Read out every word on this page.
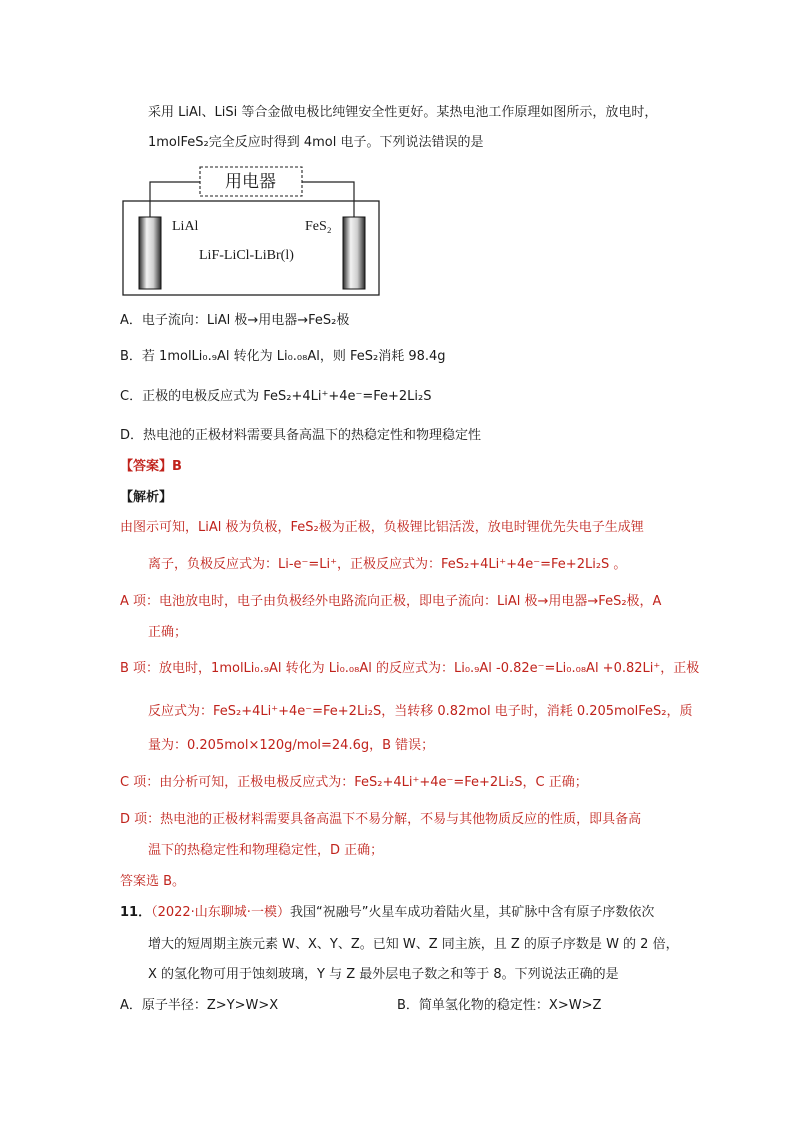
采用 LiAl、LiSi 等合金做电极比纯锂安全性更好。某热电池工作原理如图所示，放电时，
1molFeS₂完全反应时得到 4mol 电子。下列说法错误的是
用电器
LiAl	FeS₂
LiF-LiCl-LiBr(l)
A．电子流向：LiAl 极→用电器→FeS₂极
B．若 1molLi₀.₉Al 转化为 Li₀.₀₈Al，则 FeS₂消耗 98.4g
C．正极的电极反应式为 FeS₂+4Li⁺+4e⁻=Fe+2Li₂S
D．热电池的正极材料需要具备高温下的热稳定性和物理稳定性
【答案】B
【解析】
由图示可知，LiAl 极为负极，FeS₂极为正极，负极锂比铝活泼，放电时锂优先失电子生成锂
离子，负极反应式为：Li-e⁻=Li⁺，正极反应式为：FeS₂+4Li⁺+4e⁻=Fe+2Li₂S 。
A 项：电池放电时，电子由负极经外电路流向正极，即电子流向：LiAl 极→用电器→FeS₂极，A
正确；
B 项：放电时，1molLi₀.₉Al 转化为 Li₀.₀₈Al 的反应式为：Li₀.₉Al -0.82e⁻=Li₀.₀₈Al +0.82Li⁺，正极
反应式为：FeS₂+4Li⁺+4e⁻=Fe+2Li₂S，当转移 0.82mol 电子时，消耗 0.205molFeS₂，质
量为：0.205mol×120g/mol=24.6g，B 错误；
C 项：由分析可知，正极电极反应式为：FeS₂+4Li⁺+4e⁻=Fe+2Li₂S，C 正确；
D 项：热电池的正极材料需要具备高温下不易分解，不易与其他物质反应的性质，即具备高
温下的热稳定性和物理稳定性，D 正确；
答案选 B。
11．（2022·山东聊城·一模）我国“祝融号”火星车成功着陆火星，其矿脉中含有原子序数依次
增大的短周期主族元素 W、X、Y、Z。已知 W、Z 同主族，且 Z 的原子序数是 W 的 2 倍，
X 的氢化物可用于蚀刻玻璃，Y 与 Z 最外层电子数之和等于 8。下列说法正确的是
A．原子半径：Z>Y>W>X	B．简单氢化物的稳定性：X>W>Z
